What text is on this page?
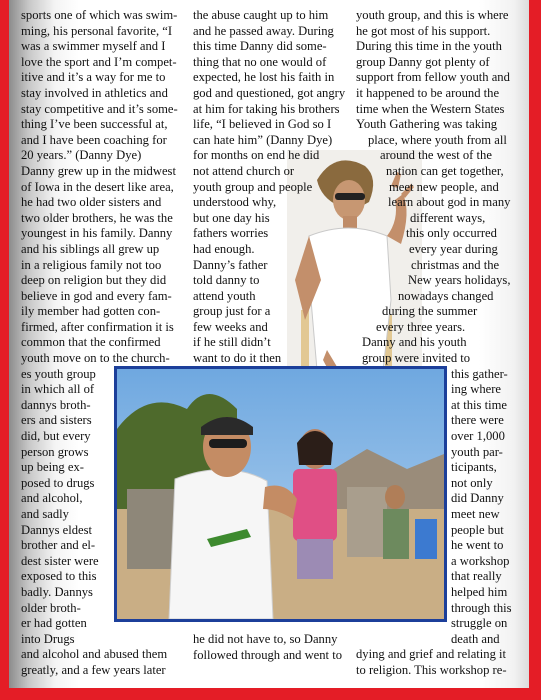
sports one of which was swim-
ming, his personal favorite, “I
was a swimmer myself and I
love the sport and I’m compet-
itive and it’s a way for me to
stay involved in athletics and
stay competitive and it’s some-
thing I’ve been successful at,
and I have been coaching for
20 years.” (Danny Dye)
Danny grew up in the midwest
of Iowa in the desert like area,
he had two older sisters and
two older brothers, he was the
youngest in his family. Danny
and his siblings all grew up
in a religious family not too
deep on religion but they did
believe in god and every fam-
ily member had gotten con-
firmed, after confirmation it is
common that the confirmed
youth move on to the church-
es youth group
in which all of
dannys broth-
ers and sisters
did, but every
person grows
up being ex-
posed to drugs
and alcohol,
and sadly
Dannys eldest
brother and el-
dest sister were
exposed to this
badly. Dannys
older broth-
er had gotten
into Drugs
and alcohol and abused them
greatly, and a few years later
the abuse caught up to him
and he passed away. During
this time Danny did some-
thing that no one would of
expected, he lost his faith in
god and questioned, got angry
at him for taking his brothers
life, “I believed in God so I
can hate him” (Danny Dye)
for months on end he did
not attend church or
youth group and people
understood why,
but one day his
fathers worries
had enough.
Danny’s father
told danny to
attend youth
group just for a
few weeks and
if he still didn’t
want to do it then
he did not have to, so Danny
followed through and went to
youth group, and this is where
he got most of his support.
During this time in the youth
group Danny got plenty of
support from fellow youth and
it happened to be around the
time when the Western States
Youth Gathering was taking
place, where youth from all
around the west of the
nation can get together,
meet new people, and
learn about god in many
different ways,
this only occurred
every year during
christmas and the
New years holidays,
nowadays changed
during the summer
every three years.
Danny and his youth
group were invited to
this gather-
ing where
at this time
there were
over 1,000
youth par-
ticipants,
not only
did Danny
meet new
people but
he went to
a workshop
that really
helped him
through this
struggle on
death and
dying and grief and relating it
to religion. This workshop re-
